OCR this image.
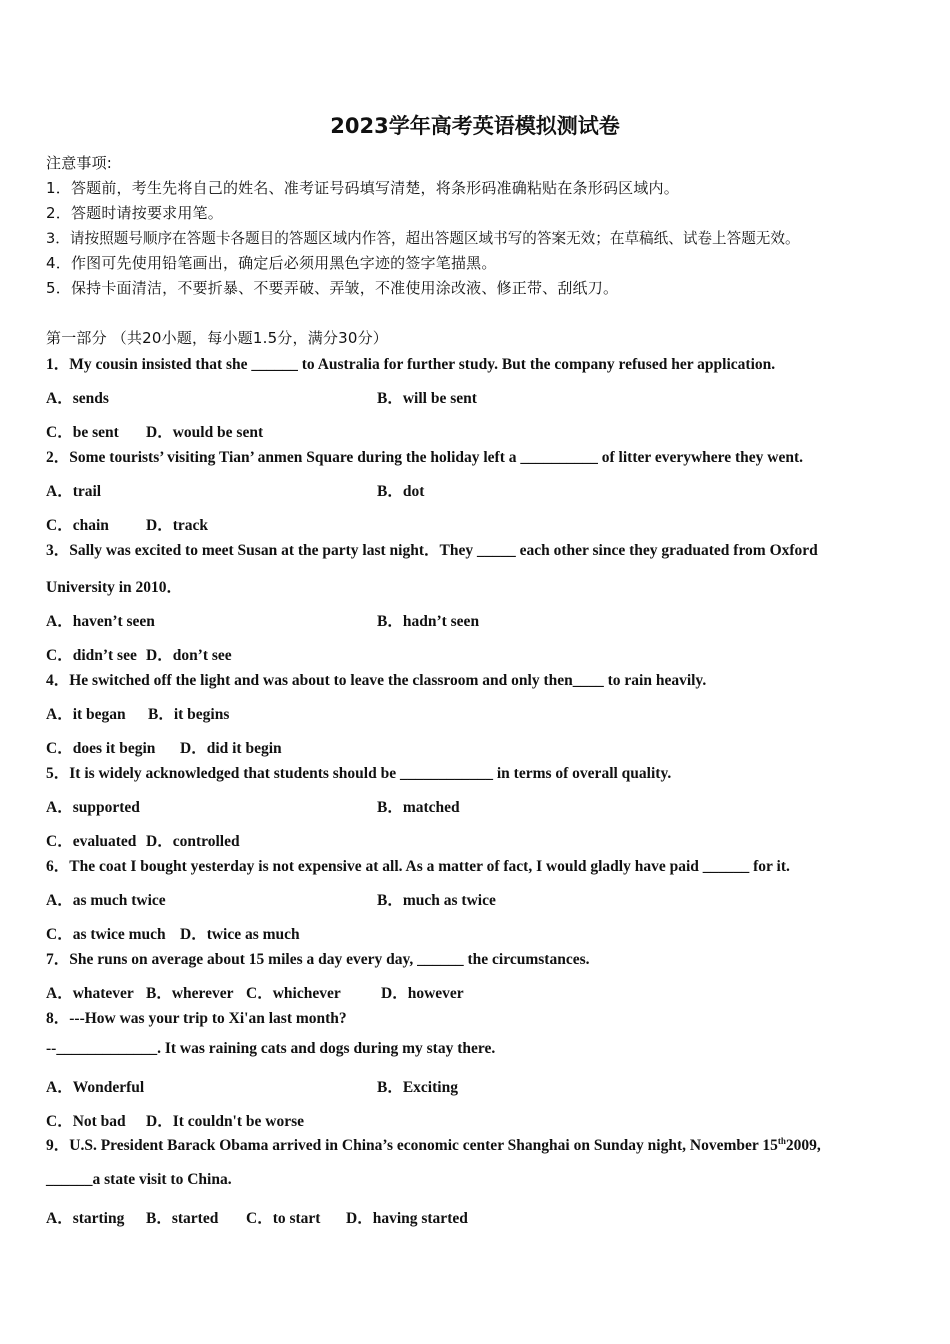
2023学年高考英语模拟测试卷
注意事项:
1．答题前，考生先将自己的姓名、准考证号码填写清楚，将条形码准确粘贴在条形码区域内。
2．答题时请按要求用笔。
3．请按照题号顺序在答题卡各题目的答题区域内作答，超出答题区域书写的答案无效；在草稿纸、试卷上答题无效。
4．作图可先使用铅笔画出，确定后必须用黑色字迹的签字笔描黑。
5．保持卡面清洁，不要折暴、不要弄破、弄皱，不准使用涂改液、修正带、刮纸刀。
第一部分 （共20小题，每小题1.5分，满分30分）
1．My cousin insisted that she ______ to Australia for further study. But the company refused her application.
A．sends	B．will be sent
C．be sent D．would be sent
2．Some tourists’ visiting Tian’ anmen Square during the holiday left a __________ of litter everywhere they went.
A．trail	B．dot
C．chain D．track
3．Sally was excited to meet Susan at the party last night．They _____ each other since they graduated from Oxford
University in 2010．
A．haven’t seen	B．hadn’t seen
C．didn’t see D．don’t see
4．He switched off the light and was about to leave the classroom and only then____ to rain heavily.
A．it began B．it begins
C．does it begin D．did it begin
5．It is widely acknowledged that students should be ____________ in terms of overall quality.
A．supported	B．matched
C．evaluated D．controlled
6．The coat I bought yesterday is not expensive at all. As a matter of fact, I would gladly have paid ______ for it.
A．as much twice	B．much as twice
C．as twice much D．twice as much
7．She runs on average about 15 miles a day every day, ______ the circumstances.
A．whatever B．wherever C．whichever	D．however
8．---How was your trip to Xi'an last month?
--_____________. It was raining cats and dogs during my stay there.
A．Wonderful	B．Exciting
C．Not bad D．It couldn't be worse
9．U.S. President Barack Obama arrived in China’s economic center Shanghai on Sunday night, November 15th2009,
______a state visit to China.
A．starting B．started C．to start D．having started
